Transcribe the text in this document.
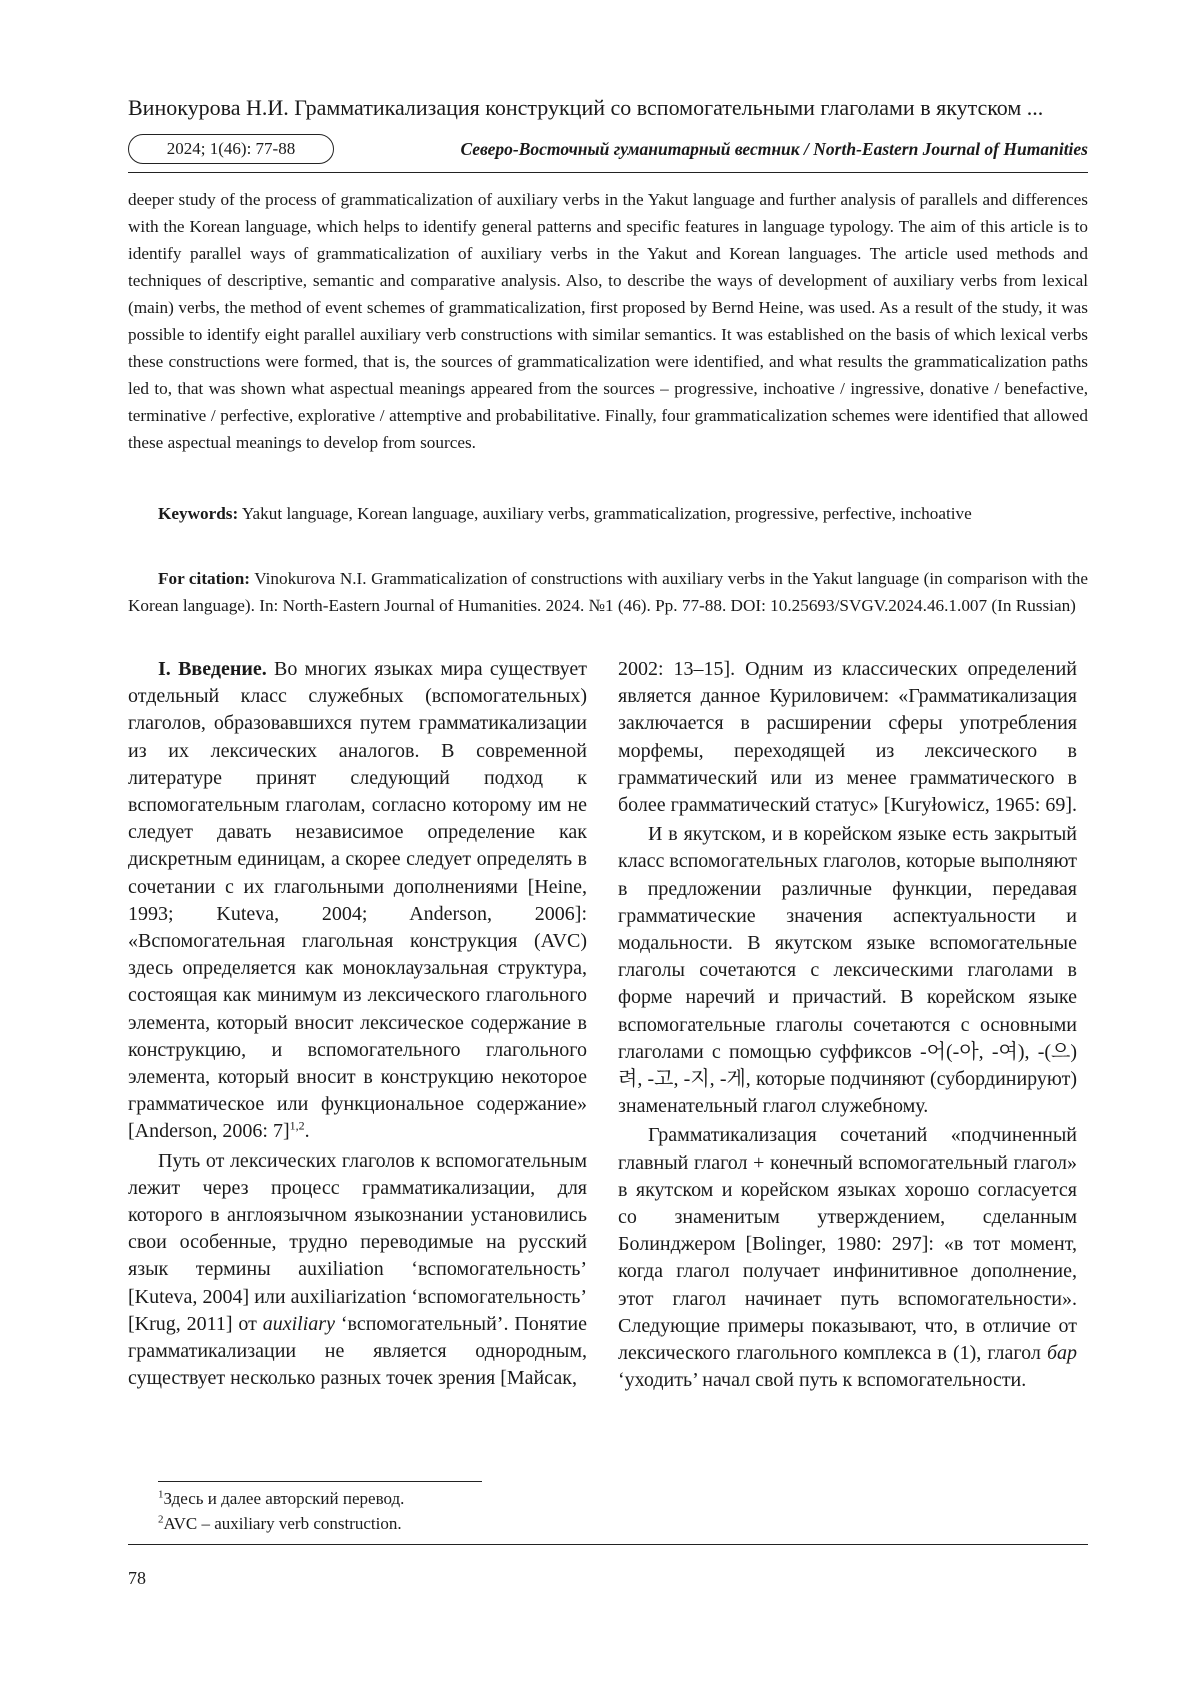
Винокурова Н.И. Грамматикализация конструкций со вспомогательными глаголами в якутском ...
2024; 1(46): 77-88	Северо-Восточный гуманитарный вестник / North-Eastern Journal of Humanities

deeper study of the process of grammaticalization of auxiliary verbs in the Yakut language and further analysis of parallels and differences with the Korean language, which helps to identify general patterns and specific features in language typology. The aim of this article is to identify parallel ways of grammaticalization of auxiliary verbs in the Yakut and Korean languages. The article used methods and techniques of descriptive, semantic and comparative analysis. Also, to describe the ways of development of auxiliary verbs from lexical (main) verbs, the method of event schemes of grammaticalization, first proposed by Bernd Heine, was used. As a result of the study, it was possible to identify eight parallel auxiliary verb constructions with similar semantics. It was established on the basis of which lexical verbs these constructions were formed, that is, the sources of grammaticalization were identified, and what results the grammaticalization paths led to, that was shown what aspectual meanings appeared from the sources – progressive, inchoative / ingressive, donative / benefactive, terminative / perfective, explorative / attemptive and probabilitative. Finally, four grammaticalization schemes were identified that allowed these aspectual meanings to develop from sources.

Keywords: Yakut language, Korean language, auxiliary verbs, grammaticalization, progressive, perfective, inchoative

For citation: Vinokurova N.I. Grammaticalization of constructions with auxiliary verbs in the Yakut language (in comparison with the Korean language). In: North-Eastern Journal of Humanities. 2024. №1 (46). Pp. 77-88. DOI: 10.25693/SVGV.2024.46.1.007 (In Russian)

I. Введение. Во многих языках мира существует отдельный класс служебных (вспомогательных) глаголов, образовавшихся путем грамматикализации из их лексических аналогов. В современной литературе принят следующий подход к вспомогательным глаголам, согласно которому им не следует давать независимое определение как дискретным единицам, а скорее следует определять в сочетании с их глагольными дополнениями [Heine, 1993; Kuteva, 2004; Anderson, 2006]: «Вспомогательная глагольная конструкция (AVC) здесь определяется как моноклаузальная структура, состоящая как минимум из лексического глагольного элемента, который вносит лексическое содержание в конструкцию, и вспомогательного глагольного элемента, который вносит в конструкцию некоторое грамматическое или функциональное содержание» [Anderson, 2006: 7]$^{1,2}$.

Путь от лексических глаголов к вспомогательным лежит через процесс грамматикализации, для которого в англоязычном языкознании установились свои особенные, трудно переводимые на русский язык термины auxiliation ‘вспомогательность’ [Kuteva, 2004] или auxiliarization ‘вспомогательность’ [Krug, 2011] от auxiliary ‘вспомогательный’. Понятие грамматикализации не является однородным, существует несколько разных точек зрения [Майсак,

2002: 13–15]. Одним из классических определений является данное Куриловичем: «Грамматикализация заключается в расширении сферы употребления морфемы, переходящей из лексического в грамматический или из менее грамматического в более грамматический статус» [Kuryłowicz, 1965: 69].

И в якутском, и в корейском языке есть закрытый класс вспомогательных глаголов, которые выполняют в предложении различные функции, передавая грамматические значения аспектуальности и модальности. В якутском языке вспомогательные глаголы сочетаются с лексическими глаголами в форме наречий и причастий. В корейском языке вспомогательные глаголы сочетаются с основными глаголами с помощью суффиксов -어(-아, -여), -(으)려, -고, -지, -게, которые подчиняют (субординируют) знаменательный глагол служебному.

Грамматикализация сочетаний «подчиненный главный глагол + конечный вспомогательный глагол» в якутском и корейском языках хорошо согласуется со знаменитым утверждением, сделанным Болинджером [Bolinger, 1980: 297]: «в тот момент, когда глагол получает инфинитивное дополнение, этот глагол начинает путь вспомогательности». Следующие примеры показывают, что, в отличие от лексического глагольного комплекса в (1), глагол бар ‘уходить’ начал свой путь к вспомогательности.

$^1$Здесь и далее авторский перевод.
$^2$AVC – auxiliary verb construction.
78
